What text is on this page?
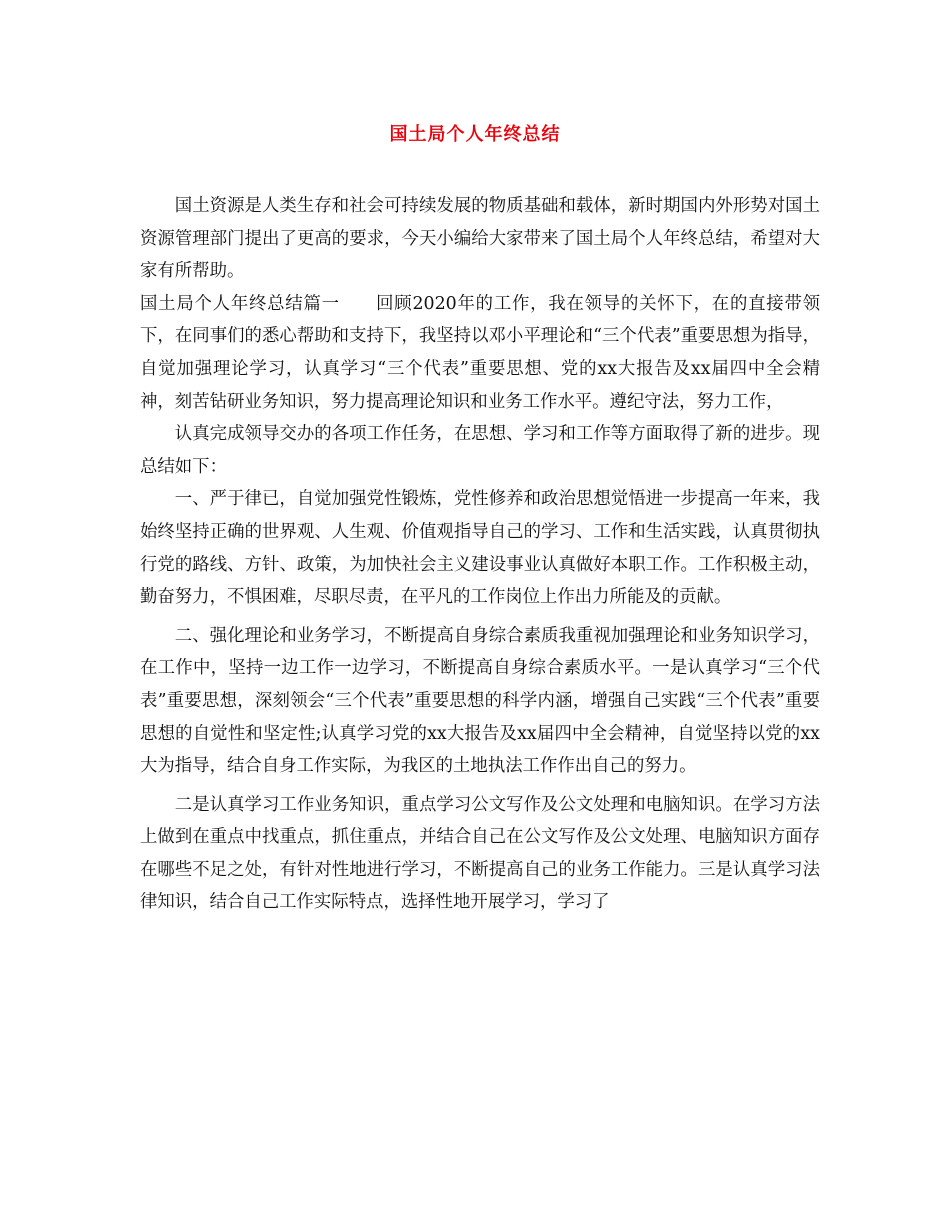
国土局个人年终总结

国土资源是人类生存和社会可持续发展的物质基础和载体，新时期国内外形势对国土资源管理部门提出了更高的要求，今天小编给大家带来了国土局个人年终总结，希望对大家有所帮助。

国土局个人年终总结篇一　　回顾2020年的工作，我在领导的关怀下，在的直接带领下，在同事们的悉心帮助和支持下，我坚持以邓小平理论和“三个代表”重要思想为指导，自觉加强理论学习，认真学习“三个代表”重要思想、党的xx大报告及xx届四中全会精神，刻苦钻研业务知识，努力提高理论知识和业务工作水平。遵纪守法，努力工作，

认真完成领导交办的各项工作任务，在思想、学习和工作等方面取得了新的进步。现总结如下：

一、严于律已，自觉加强党性锻炼，党性修养和政治思想觉悟进一步提高一年来，我始终坚持正确的世界观、人生观、价值观指导自己的学习、工作和生活实践，认真贯彻执行党的路线、方针、政策，为加快社会主义建设事业认真做好本职工作。工作积极主动，勤奋努力，不惧困难，尽职尽责，在平凡的工作岗位上作出力所能及的贡献。

二、强化理论和业务学习，不断提高自身综合素质我重视加强理论和业务知识学习，在工作中，坚持一边工作一边学习，不断提高自身综合素质水平。一是认真学习“三个代表”重要思想，深刻领会“三个代表”重要思想的科学内涵，增强自己实践“三个代表”重要思想的自觉性和坚定性;认真学习党的xx大报告及xx届四中全会精神，自觉坚持以党的xx大为指导，结合自身工作实际，为我区的土地执法工作作出自己的努力。

二是认真学习工作业务知识，重点学习公文写作及公文处理和电脑知识。在学习方法上做到在重点中找重点，抓住重点，并结合自己在公文写作及公文处理、电脑知识方面存在哪些不足之处，有针对性地进行学习，不断提高自己的业务工作能力。三是认真学习法律知识，结合自己工作实际特点，选择性地开展学习，学习了
